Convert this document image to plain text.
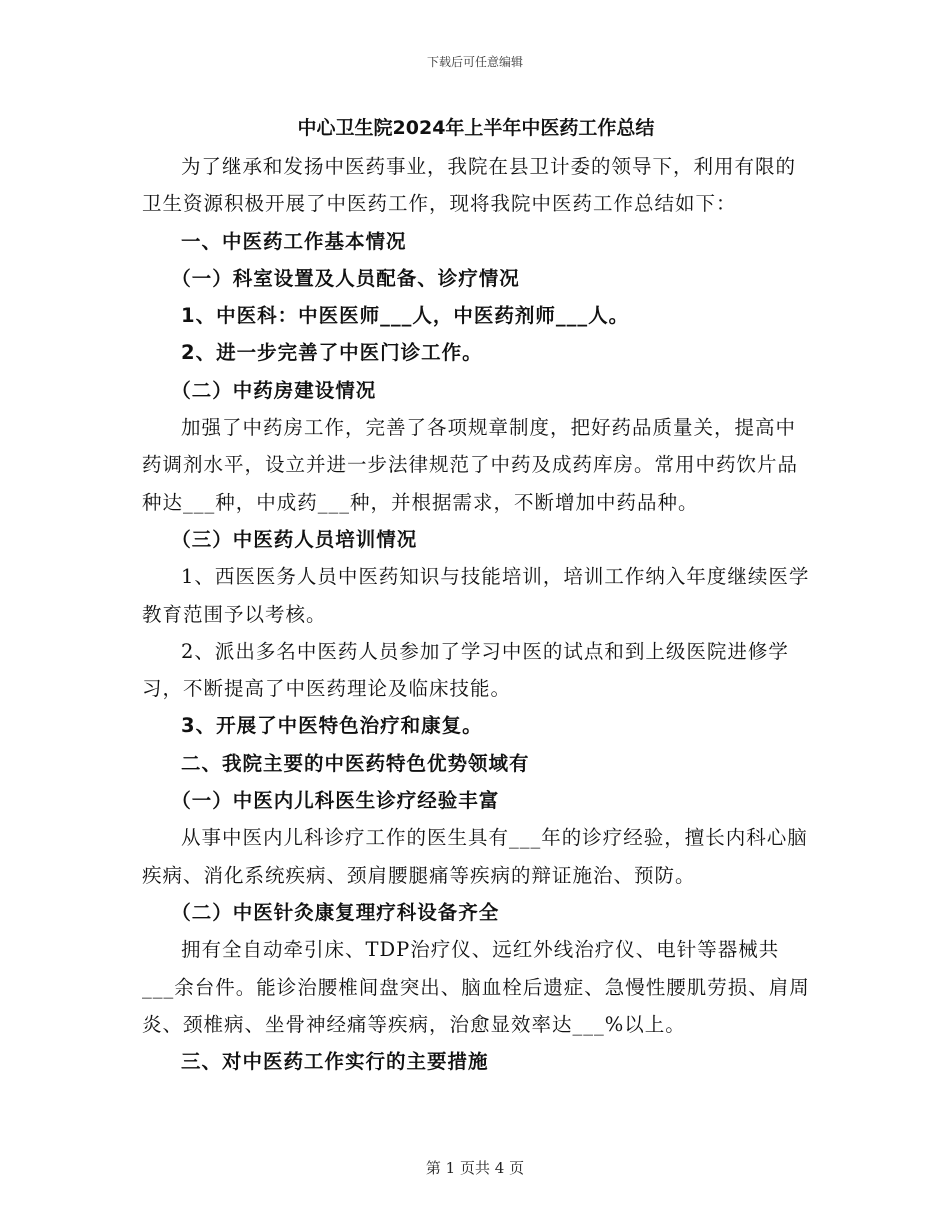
下载后可任意编辑
中心卫生院2024年上半年中医药工作总结

为了继承和发扬中医药事业，我院在县卫计委的领导下，利用有限的卫生资源积极开展了中医药工作，现将我院中医药工作总结如下：

一、中医药工作基本情况

（一）科室设置及人员配备、诊疗情况

1、中医科：中医医师___人，中医药剂师___人。

2、进一步完善了中医门诊工作。

（二）中药房建设情况

加强了中药房工作，完善了各项规章制度，把好药品质量关，提高中药调剂水平，设立并进一步法律规范了中药及成药库房。常用中药饮片品种达___种，中成药___种，并根据需求，不断增加中药品种。

（三）中医药人员培训情况

1、西医医务人员中医药知识与技能培训，培训工作纳入年度继续医学教育范围予以考核。

2、派出多名中医药人员参加了学习中医的试点和到上级医院进修学习，不断提高了中医药理论及临床技能。

3、开展了中医特色治疗和康复。

二、我院主要的中医药特色优势领域有

（一）中医内儿科医生诊疗经验丰富

从事中医内儿科诊疗工作的医生具有___年的诊疗经验，擅长内科心脑疾病、消化系统疾病、颈肩腰腿痛等疾病的辩证施治、预防。

（二）中医针灸康复理疗科设备齐全

拥有全自动牵引床、TDP治疗仪、远红外线治疗仪、电针等器械共___余台件。能诊治腰椎间盘突出、脑血栓后遗症、急慢性腰肌劳损、肩周炎、颈椎病、坐骨神经痛等疾病，治愈显效率达___%以上。

三、对中医药工作实行的主要措施

第 1 页共 4 页
